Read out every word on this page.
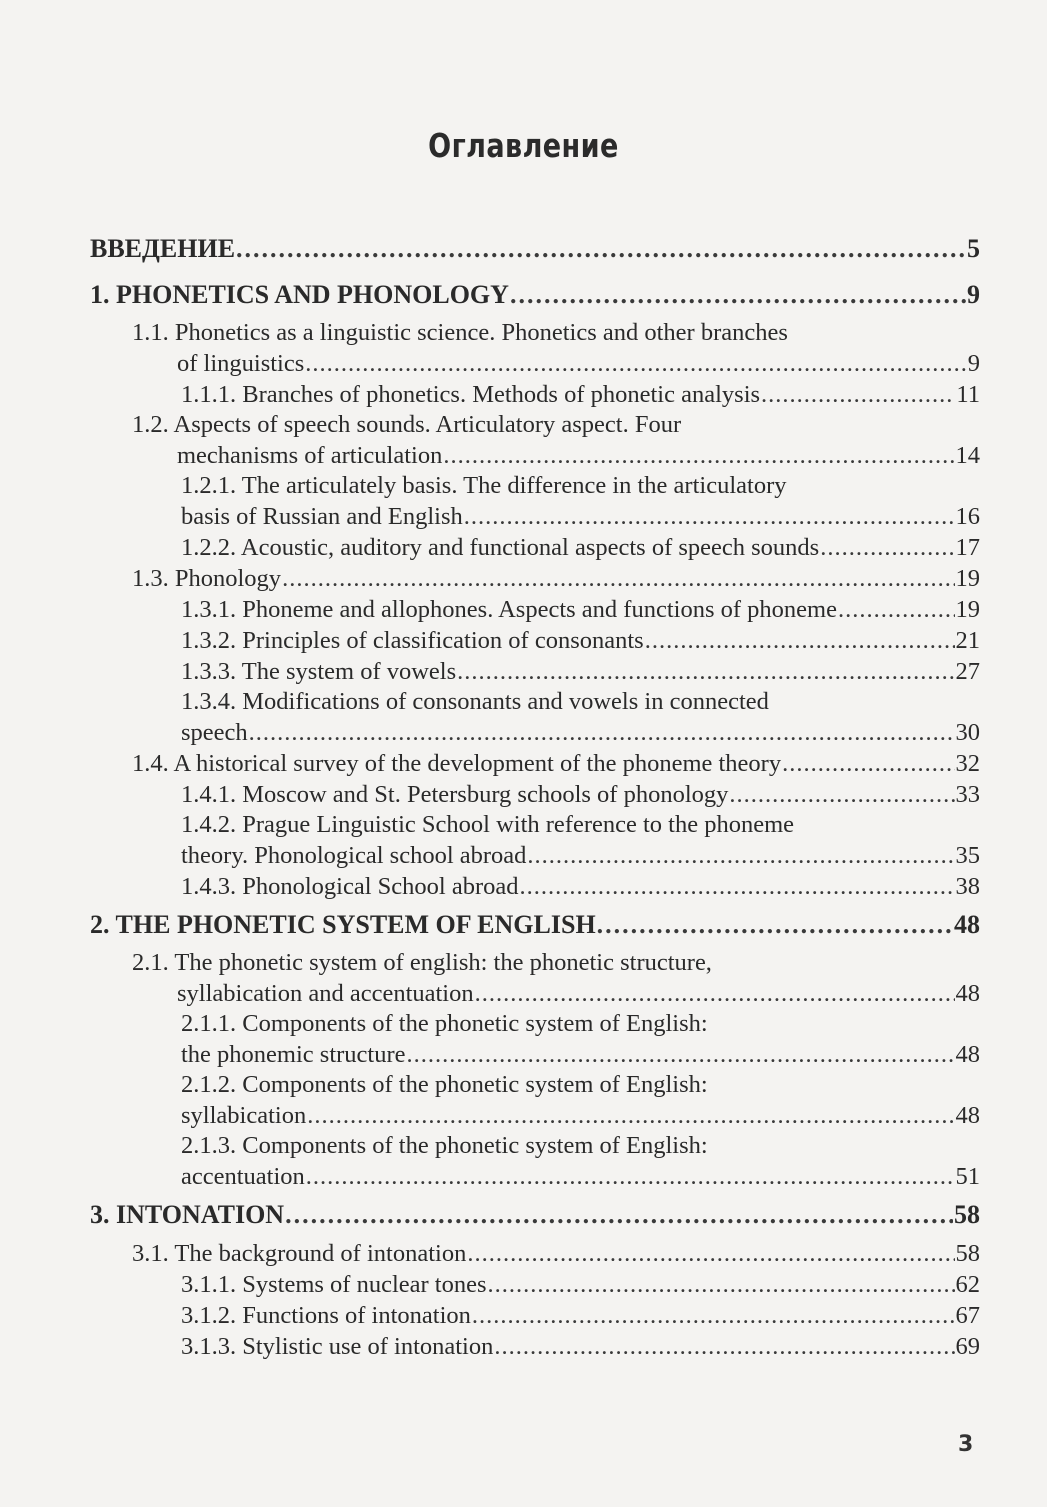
Оглавление
ВВЕДЕНИЕ .....	5
1. PHONETICS AND PHONOLOGY .....	9
1.1. Phonetics as a linguistic science. Phonetics and other branches
of linguistics .....	9
1.1.1. Branches of phonetics. Methods of phonetic analysis .....	11
1.2. Aspects of speech sounds. Articulatory aspect. Four
mechanisms of articulation .....	14
1.2.1. The articulately basis. The difference in the articulatory
basis of Russian and English .....	16
1.2.2. Acoustic, auditory and functional aspects of speech sounds .....	17
1.3. Phonology .....	19
1.3.1. Phoneme and allophones. Aspects and functions of phoneme .....	19
1.3.2. Principles of classification of consonants .....	21
1.3.3. The system of vowels .....	27
1.3.4. Modifications of consonants and vowels in connected
speech .....	30
1.4. A historical survey of the development of the phoneme theory .....	32
1.4.1. Moscow and St. Petersburg schools of phonology .....	33
1.4.2. Prague Linguistic School with reference to the phoneme
theory. Phonological school abroad .....	35
1.4.3. Phonological School abroad .....	38
2. THE PHONETIC SYSTEM OF ENGLISH .....	48
2.1. The phonetic system of english: the phonetic structure,
syllabication and accentuation .....	48
2.1.1. Components of the phonetic system of English:
the phonemic structure .....	48
2.1.2. Components of the phonetic system of English:
syllabication .....	48
2.1.3. Components of the phonetic system of English:
accentuation .....	51
3. INTONATION .....	58
3.1. The background of intonation .....	58
3.1.1. Systems of nuclear tones .....	62
3.1.2. Functions of intonation .....	67
3.1.3. Stylistic use of intonation .....	69
3
